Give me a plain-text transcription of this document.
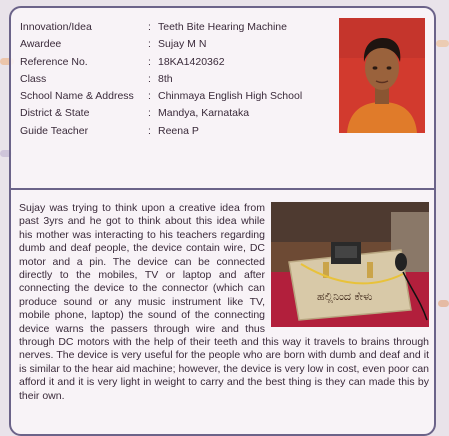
Innovation/Idea	: Teeth Bite Hearing Machine
Awardee	: Sujay M N
Reference No.	: 18KA1420362
Class	: 8th
School Name & Address	: Chinmaya English High School
District & State	: Mandya, Karnataka
Guide Teacher	: Reena P
ಹಲ್ಲಿನಿಂದ ಕೇಳು
Sujay was trying to think upon a creative idea from past 3yrs and he got to think about this idea while his mother was interacting to his teachers regarding dumb and deaf people, the device contain wire, DC motor and a pin. The device can be connected directly to the mobiles, TV or laptop and after connecting the device to the connector (which can produce sound or any music instrument like TV, mobile phone, laptop) the sound of the connecting device warns the passers through wire and thus through DC motors with the help of their teeth and this way it travels to brains through nerves. The device is very useful for the people who are born with dumb and deaf and it is similar to the hear aid machine; however, the device is very low in cost, even poor can afford it and it is very light in weight to carry and the best thing is they can made this by their own.
